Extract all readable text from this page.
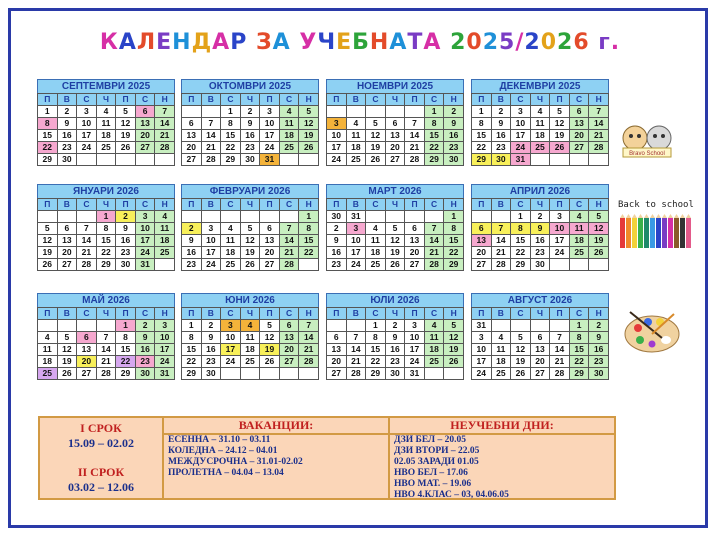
КАЛЕНДАР ЗА УЧЕБНАТА 2025/2026 г.
СЕПТЕМВРИ 2025
П	В	С	Ч	П	С	Н
1	2	3	4	5	6	7
8	9	10	11	12	13	14
15	16	17	18	19	20	21
22	23	24	25	26	27	28
29	30					
ОКТОМВРИ 2025
П	В	С	Ч	П	С	Н
		1	2	3	4	5
6	7	8	9	10	11	12
13	14	15	16	17	18	19
20	21	22	23	24	25	26
27	28	29	30	31		
НОЕМВРИ 2025
П	В	С	Ч	П	С	Н
					1	2
3	4	5	6	7	8	9
10	11	12	13	14	15	16
17	18	19	20	21	22	23
24	25	26	27	28	29	30
ДЕКЕМВРИ 2025
П	В	С	Ч	П	С	Н
1	2	3	4	5	6	7
8	9	10	11	12	13	14
15	16	17	18	19	20	21
22	23	24	25	26	27	28
29	30	31				
ЯНУАРИ 2026
П	В	С	Ч	П	С	Н
			1	2	3	4
5	6	7	8	9	10	11
12	13	14	15	16	17	18
19	20	21	22	23	24	25
26	27	28	29	30	31	
ФЕВРУАРИ 2026
П	В	С	Ч	П	С	Н
						1
2	3	4	5	6	7	8
9	10	11	12	13	14	15
16	17	18	19	20	21	22
23	24	25	26	27	28	
МАРТ 2026
П	В	С	Ч	П	С	Н
30	31					1
2	3	4	5	6	7	8
9	10	11	12	13	14	15
16	17	18	19	20	21	22
23	24	25	26	27	28	29
АПРИЛ 2026
П	В	С	Ч	П	С	Н
		1	2	3	4	5
6	7	8	9	10	11	12
13	14	15	16	17	18	19
20	21	22	23	24	25	26
27	28	29	30			
МАЙ 2026
П	В	С	Ч	П	С	Н
				1	2	3
4	5	6	7	8	9	10
11	12	13	14	15	16	17
18	19	20	21	22	23	24
25	26	27	28	29	30	31
ЮНИ 2026
П	В	С	Ч	П	С	Н
1	2	3	4	5	6	7
8	9	10	11	12	13	14
15	16	17	18	19	20	21
22	23	24	25	26	27	28
29	30					
ЮЛИ 2026
П	В	С	Ч	П	С	Н
		1	2	3	4	5
6	7	8	9	10	11	12
13	14	15	16	17	18	19
20	21	22	23	24	25	26
27	28	29	30	31		
АВГУСТ 2026
П	В	С	Ч	П	С	Н
31					1	2
3	4	5	6	7	8	9
10	11	12	13	14	15	16
17	18	19	20	21	22	23
24	25	26	27	28	29	30
Bravo School
Back to school
I СРОК
15.09 – 02.02
II СРОК
03.02 – 12.06
ВАКАНЦИИ:
ЕСЕННА – 31.10 – 03.11
КОЛЕДНА – 24.12 – 04.01
МЕЖДУСРОЧНА – 31.01-02.02
ПРОЛЕТНА – 04.04 – 13.04
НЕУЧЕБНИ ДНИ:
ДЗИ БЕЛ – 20.05
ДЗИ ВТОРИ – 22.05
02.05 ЗАРАДИ 01.05
НВО БЕЛ – 17.06
НВО МАТ. – 19.06
НВО 4.КЛАС – 03, 04.06.05
